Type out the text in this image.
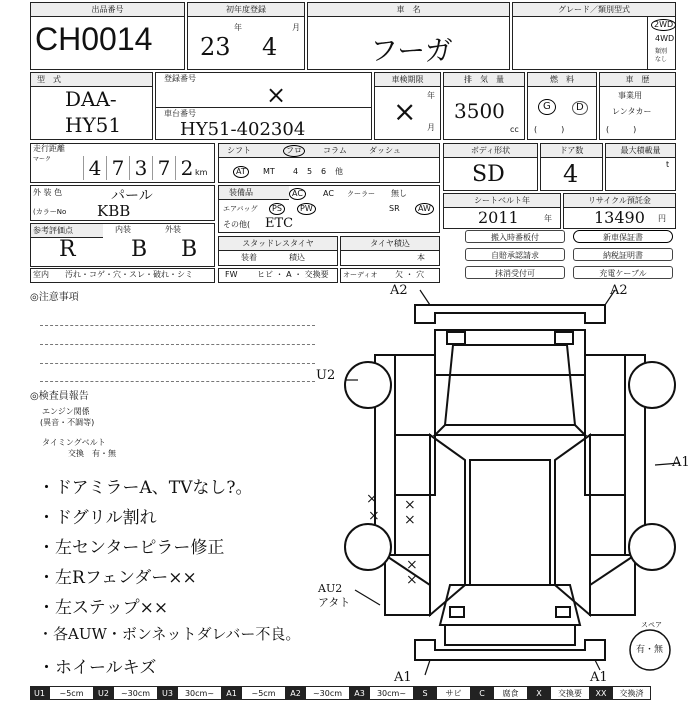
出品番号
CH0014
初年度登録
年	月
23 4
車　名
フーガ
グレード／類別型式
2WD
4WD
類別
なし
型　式
DAA-
HY51
登録番号
×
車台番号
HY51-402304
車検期限
年
月
×
排　気　量
3500
cc
燃　料
G	D
(　　　)
車　歴
事業用
レンタカー
(　　　)
走行距離
マーク 4 7 3 7 2 km
シフト	フロ	コラム	ダッシュ
AT	MT 4 5 6 他
ボディ形状
SD
ドア数
4
最大積載量
t
外 装 色	パール
(カラーNo KBB
装備品	AC	AC クーラー 無し
エアバッグ	PS	PW	SR	AW
その他( ETC
シートベルト年
2011	年
リサイクル預託金
13490 円
参考評価点	内装	外装
R	B B
室内 汚れ・コゲ・穴・スレ・破れ・シミ
スタッドレスタイヤ
装着	積込
タイヤ積込
本
FW ヒビ ・ A ・ 交換要 オーディオ 欠 ・ 穴
搬入時番板付	新車保証書
自賠承認請求	納税証明書
抹消受付可	充電ケーブル
◎注意事項
◎検査員報告
エンジン関係
(異音・不調等)
タイミングベルト
交換　有・無
・ドアミラーA、TVなし?。
・ドグリル割れ
・左センターピラー修正
・左Rフェンダー××
・左ステップ××
・各AUW・ボンネットダレバー不良。
・ホイールキズ
A2	A2
U2
A1
AU2
アタト
A1	A1
× ×
×
×
×
×
スペア
有・無
U1	~5cm	U2	~30cm	U3	30cm~	A1	~5cm	A2	~30cm	A3	30cm~	S	サビ	C	腐食	X	交換要	XX	交換済
